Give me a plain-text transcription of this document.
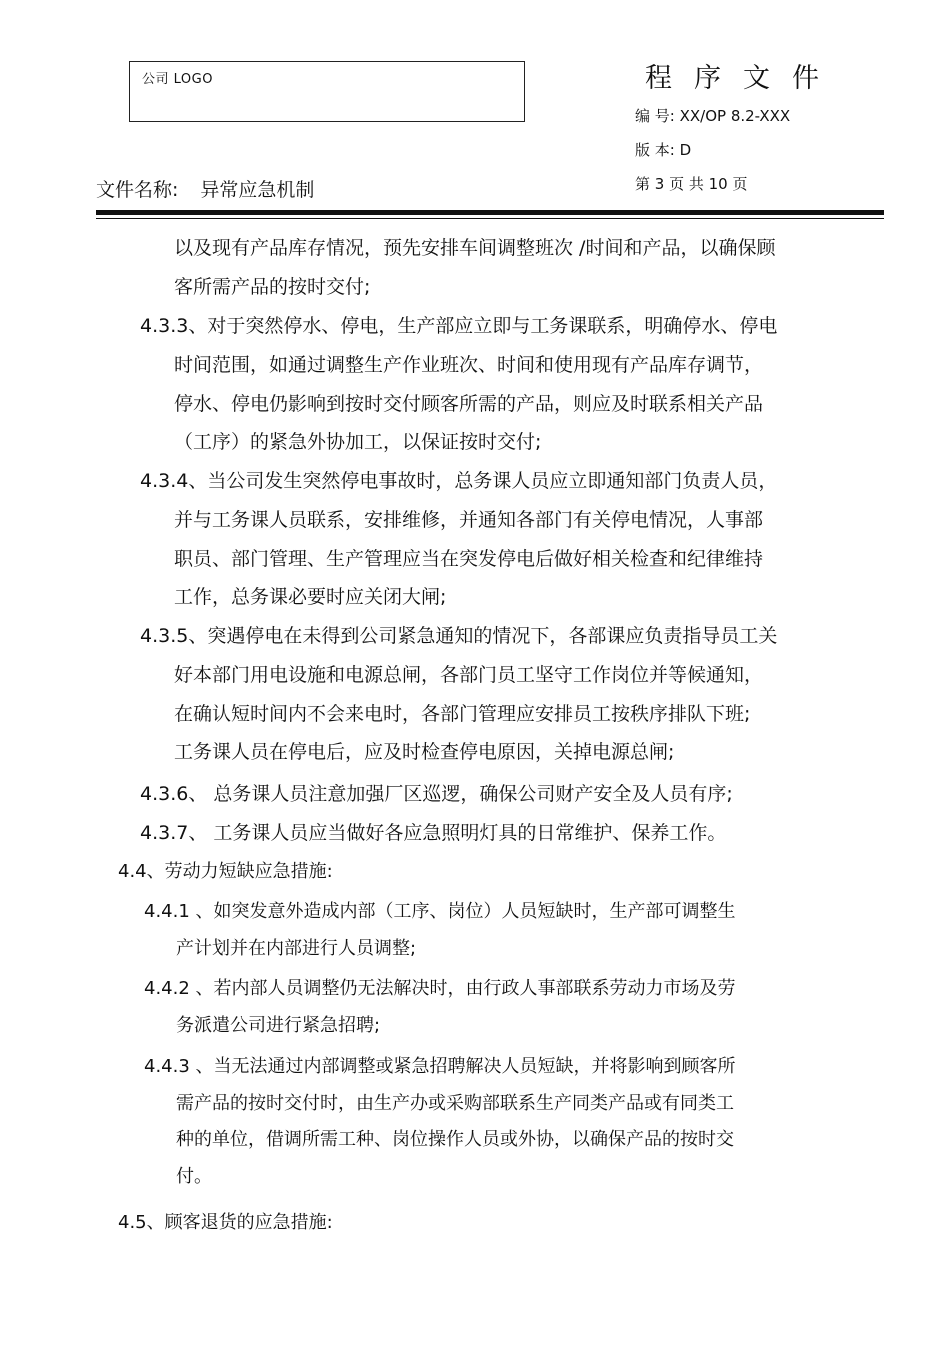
公司 LOGO	程序文件
编 号: XX/OP 8.2-XXX
版 本: D
第 3 页 共 10 页
文件名称: 异常应急机制
以及现有产品库存情况，预先安排车间调整班次 /时间和产品，以确保顾
客所需产品的按时交付;
4.3.3、对于突然停水、停电，生产部应立即与工务课联系，明确停水、停电
时间范围，如通过调整生产作业班次、时间和使用现有产品库存调节，
停水、停电仍影响到按时交付顾客所需的产品，则应及时联系相关产品
（工序）的紧急外协加工，以保证按时交付;
4.3.4、当公司发生突然停电事故时，总务课人员应立即通知部门负责人员，
并与工务课人员联系，安排维修，并通知各部门有关停电情况，人事部
职员、部门管理、生产管理应当在突发停电后做好相关检查和纪律维持
工作，总务课必要时应关闭大闸;
4.3.5、突遇停电在未得到公司紧急通知的情况下，各部课应负责指导员工关
好本部门用电设施和电源总闸，各部门员工坚守工作岗位并等候通知，
在确认短时间内不会来电时，各部门管理应安排员工按秩序排队下班;
工务课人员在停电后，应及时检查停电原因，关掉电源总闸;
4.3.6、 总务课人员注意加强厂区巡逻，确保公司财产安全及人员有序;
4.3.7、 工务课人员应当做好各应急照明灯具的日常维护、保养工作。
4.4、劳动力短缺应急措施:
4.4.1 、如突发意外造成内部（工序、岗位）人员短缺时，生产部可调整生
产计划并在内部进行人员调整;
4.4.2 、若内部人员调整仍无法解决时，由行政人事部联系劳动力市场及劳
务派遣公司进行紧急招聘;
4.4.3 、当无法通过内部调整或紧急招聘解决人员短缺，并将影响到顾客所
需产品的按时交付时，由生产办或采购部联系生产同类产品或有同类工
种的单位，借调所需工种、岗位操作人员或外协，以确保产品的按时交
付。
4.5、顾客退货的应急措施:
